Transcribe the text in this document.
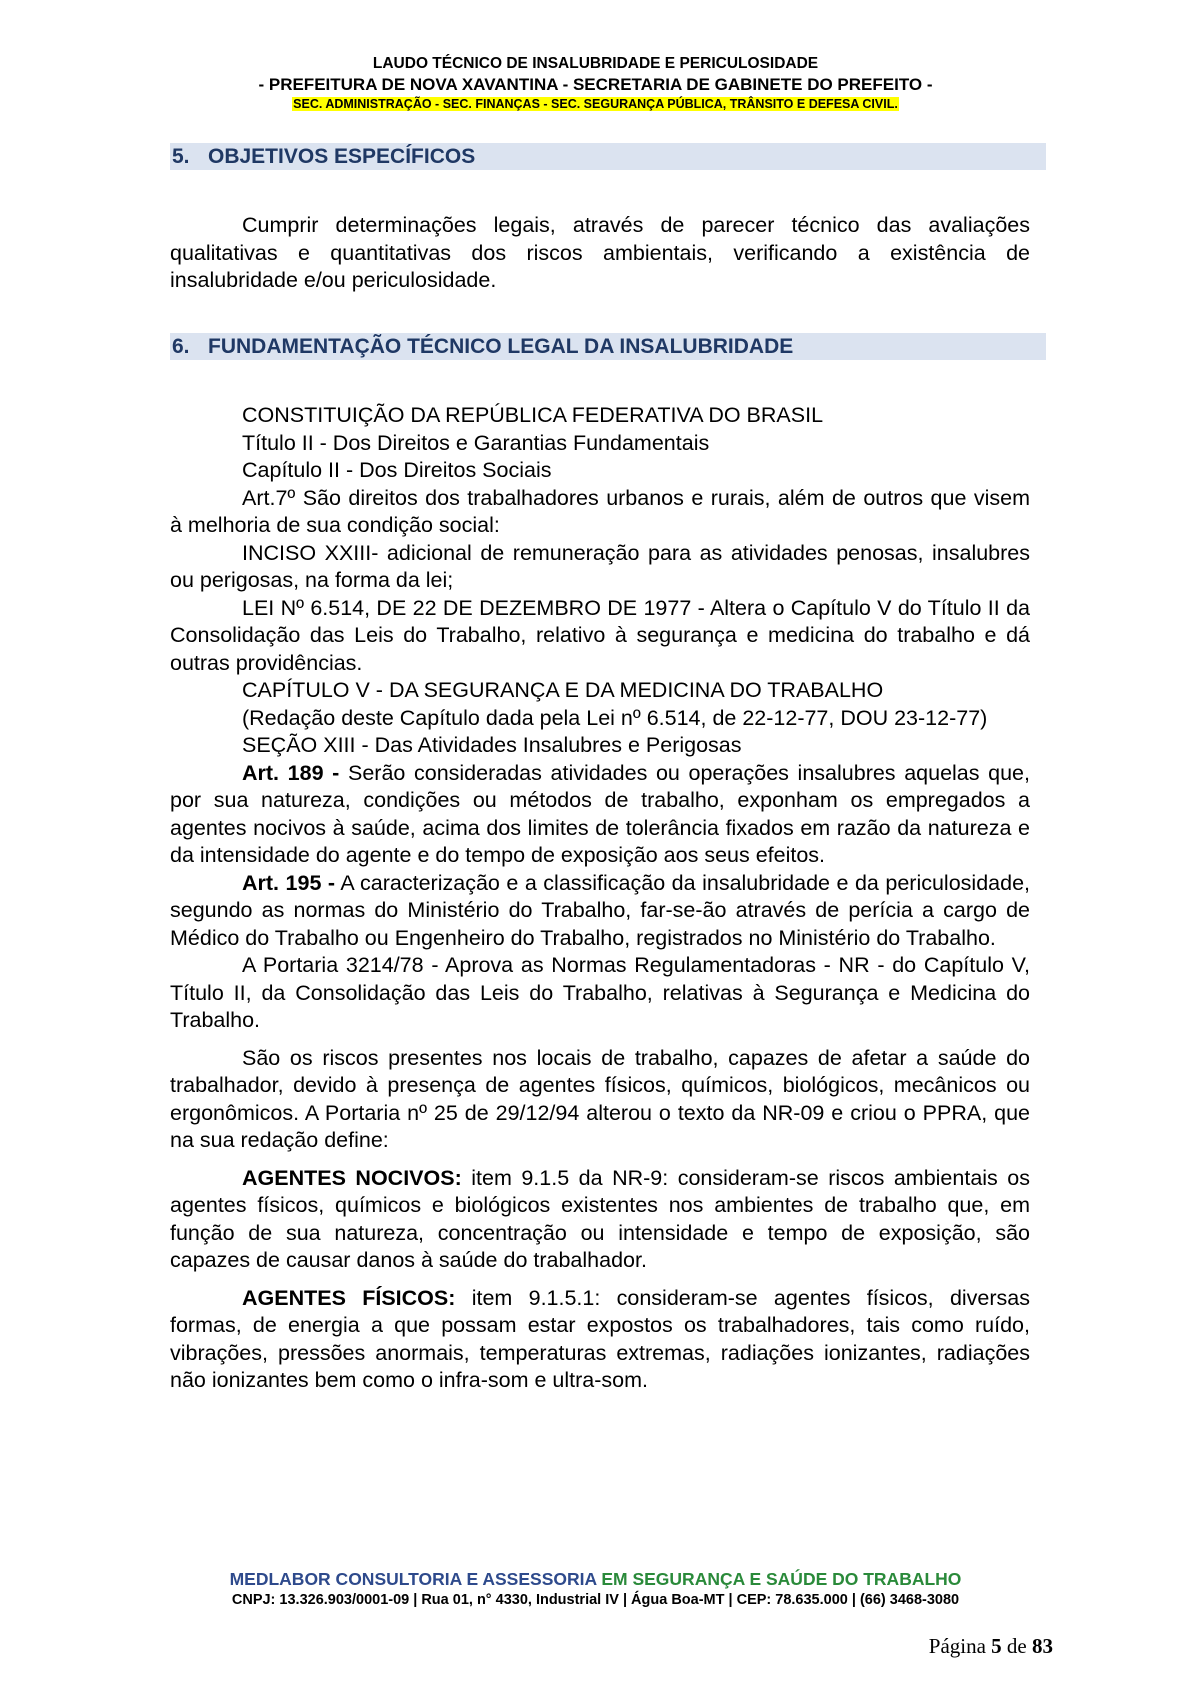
LAUDO TÉCNICO DE INSALUBRIDADE E PERICULOSIDADE
- PREFEITURA DE NOVA XAVANTINA - SECRETARIA DE GABINETE DO PREFEITO -
SEC. ADMINISTRAÇÃO - SEC. FINANÇAS - SEC. SEGURANÇA PÚBLICA, TRÂNSITO E DEFESA CIVIL.
5. OBJETIVOS ESPECÍFICOS

Cumprir determinações legais, através de parecer técnico das avaliações qualitativas e quantitativas dos riscos ambientais, verificando a existência de insalubridade e/ou periculosidade.

6. FUNDAMENTAÇÃO TÉCNICO LEGAL DA INSALUBRIDADE

CONSTITUIÇÃO DA REPÚBLICA FEDERATIVA DO BRASIL

Título II - Dos Direitos e Garantias Fundamentais

Capítulo II - Dos Direitos Sociais

Art.7º São direitos dos trabalhadores urbanos e rurais, além de outros que visem à melhoria de sua condição social:

INCISO XXIII- adicional de remuneração para as atividades penosas, insalubres ou perigosas, na forma da lei;

LEI Nº 6.514, DE 22 DE DEZEMBRO DE 1977 - Altera o Capítulo V do Título II da Consolidação das Leis do Trabalho, relativo à segurança e medicina do trabalho e dá outras providências.

CAPÍTULO V - DA SEGURANÇA E DA MEDICINA DO TRABALHO

(Redação deste Capítulo dada pela Lei nº 6.514, de 22-12-77, DOU 23-12-77)

SEÇÃO XIII - Das Atividades Insalubres e Perigosas

Art. 189 - Serão consideradas atividades ou operações insalubres aquelas que, por sua natureza, condições ou métodos de trabalho, exponham os empregados a agentes nocivos à saúde, acima dos limites de tolerância fixados em razão da natureza e da intensidade do agente e do tempo de exposição aos seus efeitos.

Art. 195 - A caracterização e a classificação da insalubridade e da periculosidade, segundo as normas do Ministério do Trabalho, far-se-ão através de perícia a cargo de Médico do Trabalho ou Engenheiro do Trabalho, registrados no Ministério do Trabalho.

A Portaria 3214/78 - Aprova as Normas Regulamentadoras - NR - do Capítulo V, Título II, da Consolidação das Leis do Trabalho, relativas à Segurança e Medicina do Trabalho.

São os riscos presentes nos locais de trabalho, capazes de afetar a saúde do trabalhador, devido à presença de agentes físicos, químicos, biológicos, mecânicos ou ergonômicos. A Portaria nº 25 de 29/12/94 alterou o texto da NR-09 e criou o PPRA, que na sua redação define:

AGENTES NOCIVOS: item 9.1.5 da NR-9: consideram-se riscos ambientais os agentes físicos, químicos e biológicos existentes nos ambientes de trabalho que, em função de sua natureza, concentração ou intensidade e tempo de exposição, são capazes de causar danos à saúde do trabalhador.

AGENTES FÍSICOS: item 9.1.5.1: consideram-se agentes físicos, diversas formas, de energia a que possam estar expostos os trabalhadores, tais como ruído, vibrações, pressões anormais, temperaturas extremas, radiações ionizantes, radiações não ionizantes bem como o infra-som e ultra-som.

MEDLABOR CONSULTORIA E ASSESSORIA EM SEGURANÇA E SAÚDE DO TRABALHO
CNPJ: 13.326.903/0001-09 | Rua 01, n° 4330, Industrial IV | Água Boa-MT | CEP: 78.635.000 | (66) 3468-3080
Página 5 de 83
